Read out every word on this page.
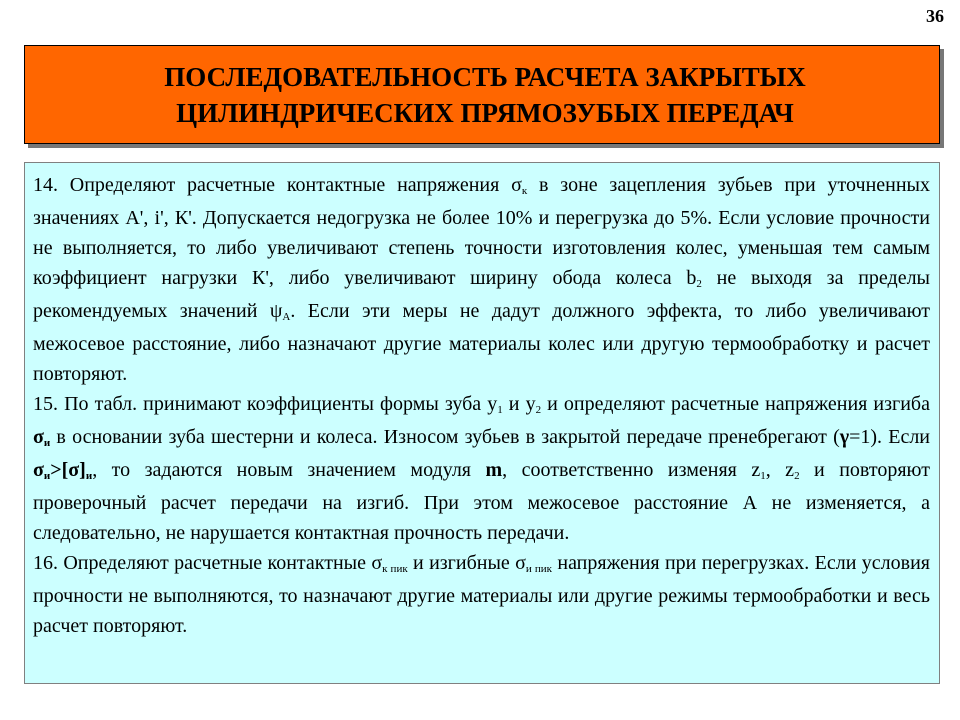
36
ПОСЛЕДОВАТЕЛЬНОСТЬ РАСЧЕТА ЗАКРЫТЫХ
ЦИЛИНДРИЧЕСКИХ ПРЯМОЗУБЫХ ПЕРЕДАЧ

14. Определяют расчетные контактные напряжения $\sigma_к$ в зоне зацепления зубьев при уточненных значениях А', i', К'. Допускается недогрузка не более 10% и перегрузка до 5%. Если условие прочности не выполняется, то либо увеличивают степень точности изготовления колес, уменьшая тем самым коэффициент нагрузки К', либо увеличивают ширину обода колеса $b_2$ не выходя за пределы рекомендуемых значений $\psi_А$. Если эти меры не дадут должного эффекта, то либо увеличивают межосевое расстояние, либо назначают другие материалы колес или другую термообработку и расчет повторяют.

15. По табл. принимают коэффициенты формы зуба $y_1$ и $y_2$ и определяют расчетные напряжения изгиба $\sigma_и$ в основании зуба шестерни и колеса. Износом зубьев в закрытой передаче пренебрегают (γ=1). Если $\sigma_и>[\sigma]_и$, то задаются новым значением модуля m, соответственно изменяя $z_1$, $z_2$ и повторяют проверочный расчет передачи на изгиб. При этом межосевое расстояние А не изменяется, а следовательно, не нарушается контактная прочность передачи.

16. Определяют расчетные контактные $\sigma_{к пик}$ и изгибные $\sigma_{и пик}$ напряжения при перегрузках. Если условия прочности не выполняются, то назначают другие материалы или другие режимы термообработки и весь расчет повторяют.
